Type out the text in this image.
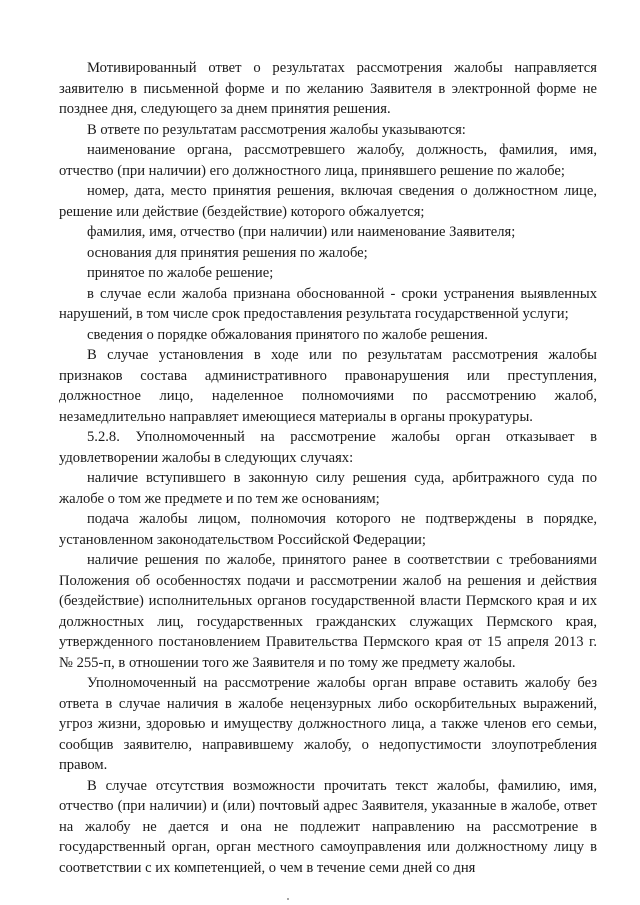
Мотивированный ответ о результатах рассмотрения жалобы направляется заявителю в письменной форме и по желанию Заявителя в электронной форме не позднее дня, следующего за днем принятия решения.

В ответе по результатам рассмотрения жалобы указываются:

наименование органа, рассмотревшего жалобу, должность, фамилия, имя, отчество (при наличии) его должностного лица, принявшего решение по жалобе;

номер, дата, место принятия решения, включая сведения о должностном лице, решение или действие (бездействие) которого обжалуется;

фамилия, имя, отчество (при наличии) или наименование Заявителя;

основания для принятия решения по жалобе;

принятое по жалобе решение;

в случае если жалоба признана обоснованной - сроки устранения выявленных нарушений, в том числе срок предоставления результата государственной услуги;

сведения о порядке обжалования принятого по жалобе решения.

В случае установления в ходе или по результатам рассмотрения жалобы признаков состава административного правонарушения или преступления, должностное лицо, наделенное полномочиями по рассмотрению жалоб, незамедлительно направляет имеющиеся материалы в органы прокуратуры.

5.2.8. Уполномоченный на рассмотрение жалобы орган отказывает в удовлетворении жалобы в следующих случаях:

наличие вступившего в законную силу решения суда, арбитражного суда по жалобе о том же предмете и по тем же основаниям;

подача жалобы лицом, полномочия которого не подтверждены в порядке, установленном законодательством Российской Федерации;

наличие решения по жалобе, принятого ранее в соответствии с требованиями Положения об особенностях подачи и рассмотрении жалоб на решения и действия (бездействие) исполнительных органов государственной власти Пермского края и их должностных лиц, государственных гражданских служащих Пермского края, утвержденного постановлением Правительства Пермского края от 15 апреля 2013 г. № 255-п, в отношении того же Заявителя и по тому же предмету жалобы.

Уполномоченный на рассмотрение жалобы орган вправе оставить жалобу без ответа в случае наличия в жалобе нецензурных либо оскорбительных выражений, угроз жизни, здоровью и имуществу должностного лица, а также членов его семьи, сообщив заявителю, направившему жалобу, о недопустимости злоупотребления правом.

В случае отсутствия возможности прочитать текст жалобы, фамилию, имя, отчество (при наличии) и (или) почтовый адрес Заявителя, указанные в жалобе, ответ на жалобу не дается и она не подлежит направлению на рассмотрение в государственный орган, орган местного самоуправления или должностному лицу в соответствии с их компетенцией, о чем в течение семи дней со дня
